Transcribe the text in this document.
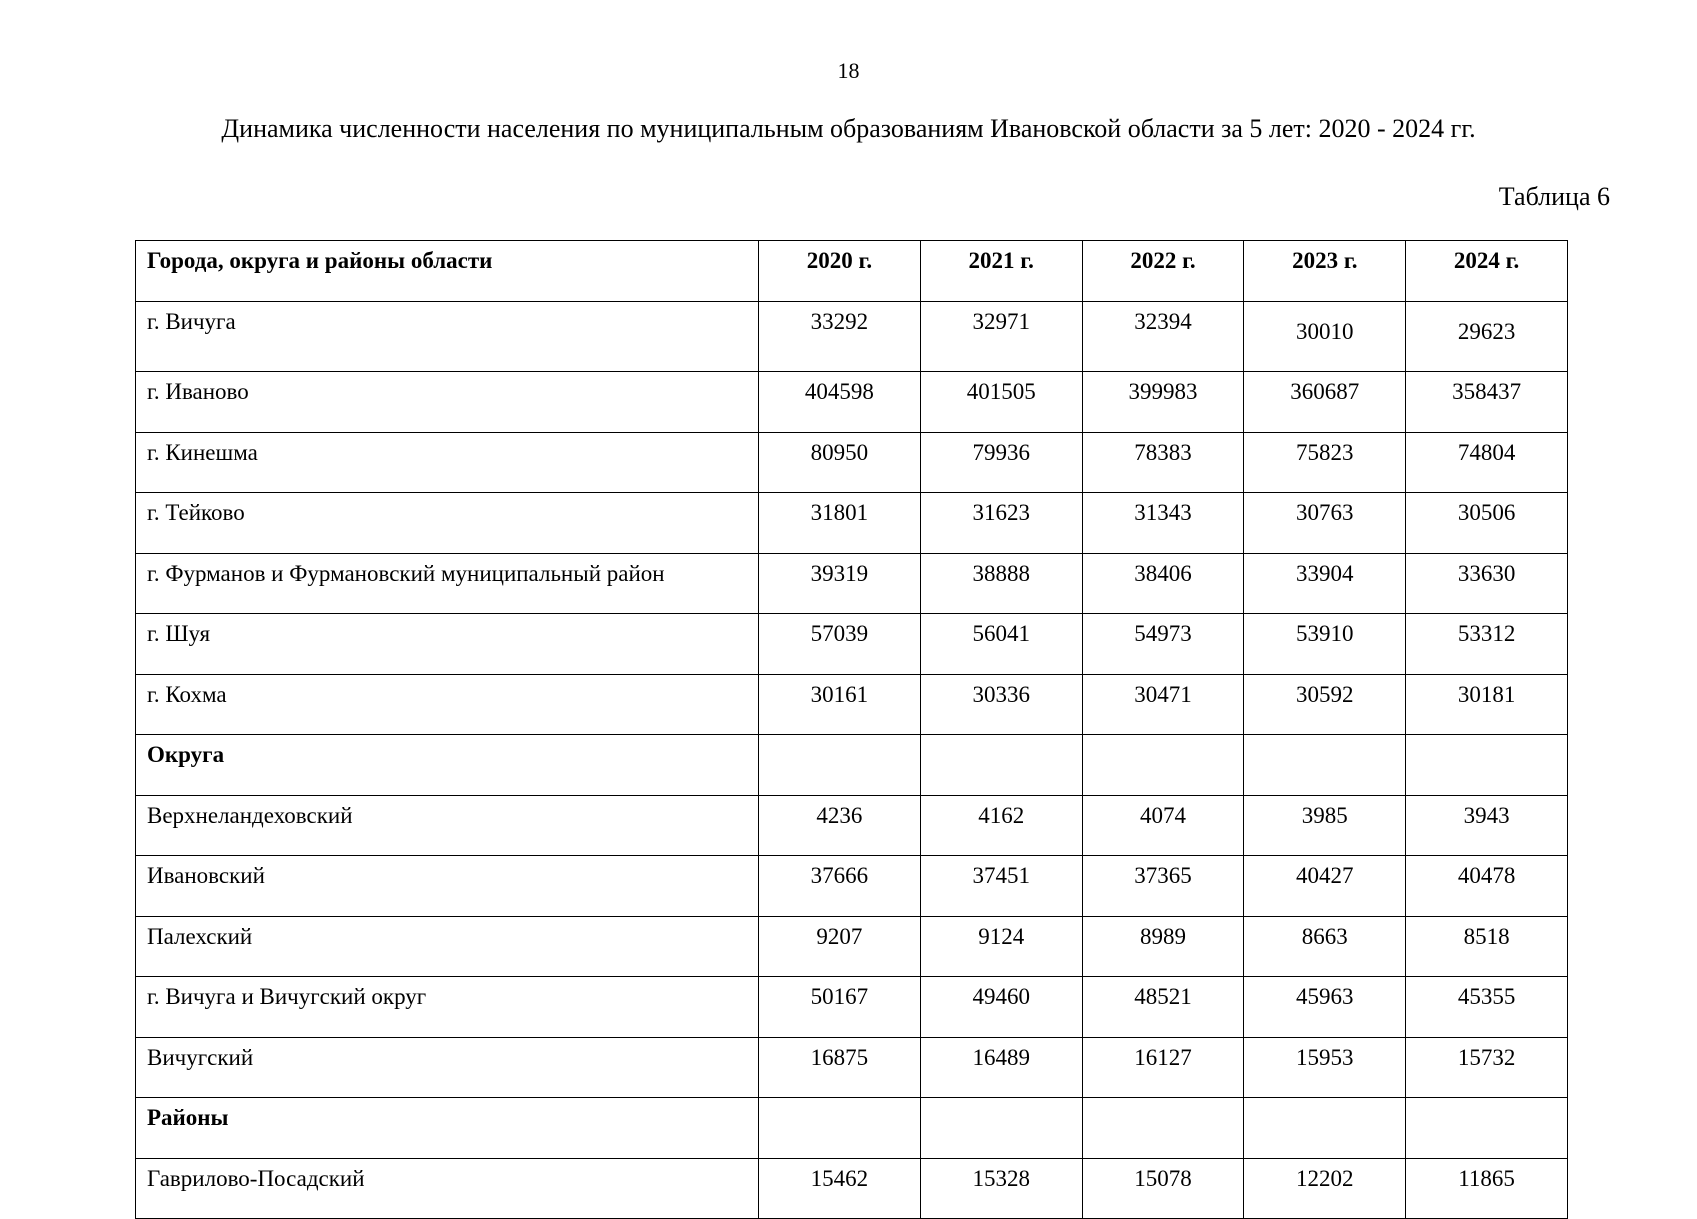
18
Динамика численности населения по муниципальным образованиям Ивановской области за 5 лет: 2020 - 2024 гг.
Таблица 6
Города, округа и районы области	2020 г.	2021 г.	2022 г.	2023 г.	2024 г.
г. Вичуга	33292	32971	32394	30010	29623
г. Иваново	404598	401505	399983	360687	358437
г. Кинешма	80950	79936	78383	75823	74804
г. Тейково	31801	31623	31343	30763	30506
г. Фурманов и Фурмановский муниципальный район	39319	38888	38406	33904	33630
г. Шуя	57039	56041	54973	53910	53312
г. Кохма	30161	30336	30471	30592	30181
Округа					
Верхнеландеховский	4236	4162	4074	3985	3943
Ивановский	37666	37451	37365	40427	40478
Палехский	9207	9124	8989	8663	8518
г. Вичуга и Вичугский округ	50167	49460	48521	45963	45355
Вичугский	16875	16489	16127	15953	15732
Районы					
Гаврилово-Посадский	15462	15328	15078	12202	11865
